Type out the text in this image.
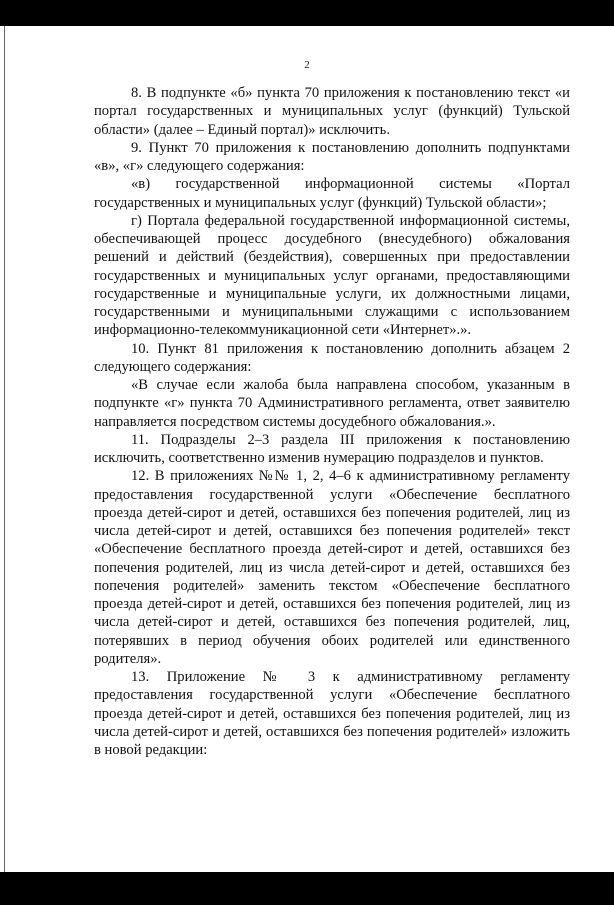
2

8. В подпункте «б» пункта 70 приложения к постановлению текст «и портал государственных и муниципальных услуг (функций) Тульской области» (далее – Единый портал)» исключить.

9. Пункт 70 приложения к постановлению дополнить подпунктами «в», «г» следующего содержания:

«в) государственной информационной системы «Портал государственных и муниципальных услуг (функций) Тульской области»;

г) Портала федеральной государственной информационной системы, обеспечивающей процесс досудебного (внесудебного) обжалования решений и действий (бездействия), совершенных при предоставлении государственных и муниципальных услуг органами, предоставляющими государственные и муниципальные услуги, их должностными лицами, государственными и муниципальными служащими с использованием информационно-телекоммуникационной сети «Интернет».».

10. Пункт 81 приложения к постановлению дополнить абзацем 2 следующего содержания:

«В случае если жалоба была направлена способом, указанным в подпункте «г» пункта 70 Административного регламента, ответ заявителю направляется посредством системы досудебного обжалования.».

11. Подразделы 2–3 раздела III приложения к постановлению исключить, соответственно изменив нумерацию подразделов и пунктов.

12. В приложениях №№ 1, 2, 4–6 к административному регламенту предоставления государственной услуги «Обеспечение бесплатного проезда детей-сирот и детей, оставшихся без попечения родителей, лиц из числа детей-сирот и детей, оставшихся без попечения родителей» текст «Обеспечение бесплатного проезда детей-сирот и детей, оставшихся без попечения родителей, лиц из числа детей-сирот и детей, оставшихся без попечения родителей» заменить текстом «Обеспечение бесплатного проезда детей-сирот и детей, оставшихся без попечения родителей, лиц из числа детей-сирот и детей, оставшихся без попечения родителей, лиц, потерявших в период обучения обоих родителей или единственного родителя».

13. Приложение № 3 к административному регламенту предоставления государственной услуги «Обеспечение бесплатного проезда детей-сирот и детей, оставшихся без попечения родителей, лиц из числа детей-сирот и детей, оставшихся без попечения родителей» изложить в новой редакции:
